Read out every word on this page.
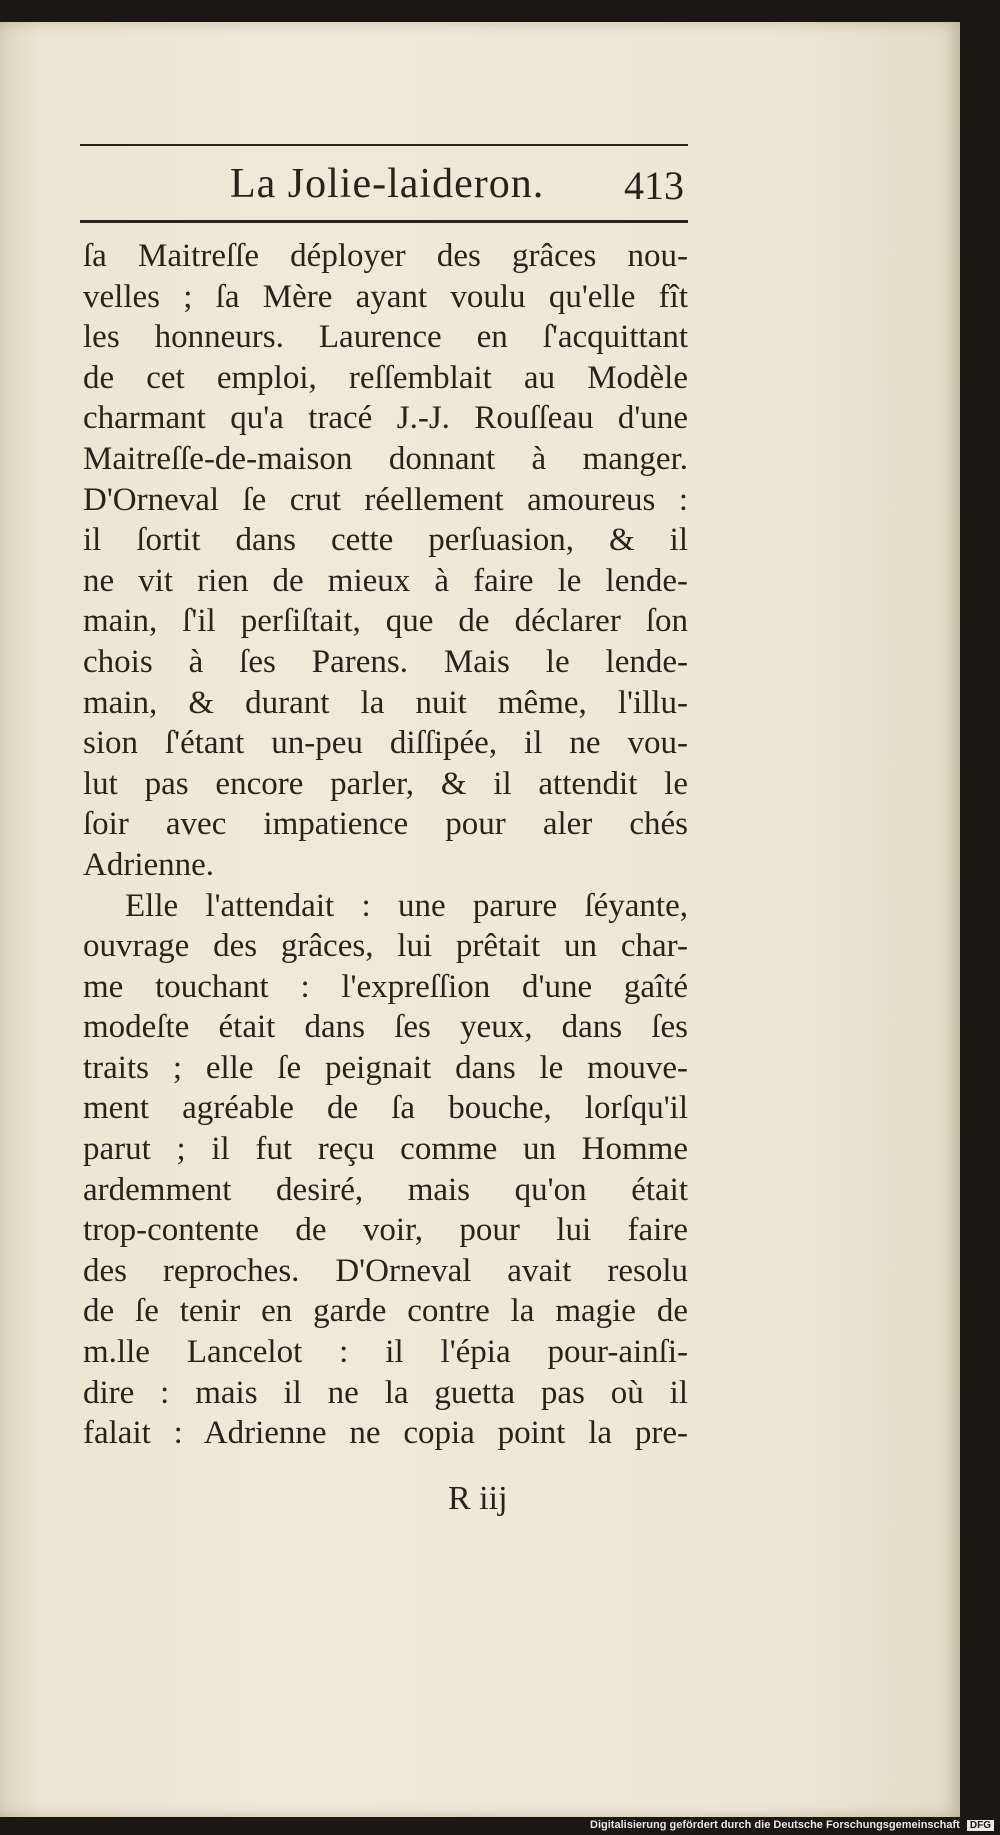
La Jolie-laideron. 413
ſa Maitreſſe déployer des grâces nou-
velles ; ſa Mère ayant voulu qu'elle fît
les honneurs. Laurence en ſ'acquittant
de cet emploi, reſſemblait au Modèle
charmant qu'a tracé J.-J. Rouſſeau d'une
Maitreſſe-de-maison donnant à manger.
D'Orneval ſe crut réellement amoureus :
il ſortit dans cette perſuasion, & il
ne vit rien de mieux à faire le lende-
main, ſ'il perſiſtait, que de déclarer ſon
chois à ſes Parens. Mais le lende-
main, & durant la nuit même, l'illu-
sion ſ'étant un-peu diſſipée, il ne vou-
lut pas encore parler, & il attendit le
ſoir avec impatience pour aler chés
Adrienne.
Elle l'attendait : une parure ſéyante,
ouvrage des grâces, lui prêtait un char-
me touchant : l'expreſſion d'une gaîté
modeſte était dans ſes yeux, dans ſes
traits ; elle ſe peignait dans le mouve-
ment agréable de ſa bouche, lorſqu'il
parut ; il fut reçu comme un Homme
ardemment desiré, mais qu'on était
trop-contente de voir, pour lui faire
des reproches. D'Orneval avait resolu
de ſe tenir en garde contre la magie de
m.lle Lancelot : il l'épia pour-ainſi-
dire : mais il ne la guetta pas où il
falait : Adrienne ne copia point la pre-
R iij
Digitalisierung gefördert durch die Deutsche Forschungsgemeinschaft DFG
